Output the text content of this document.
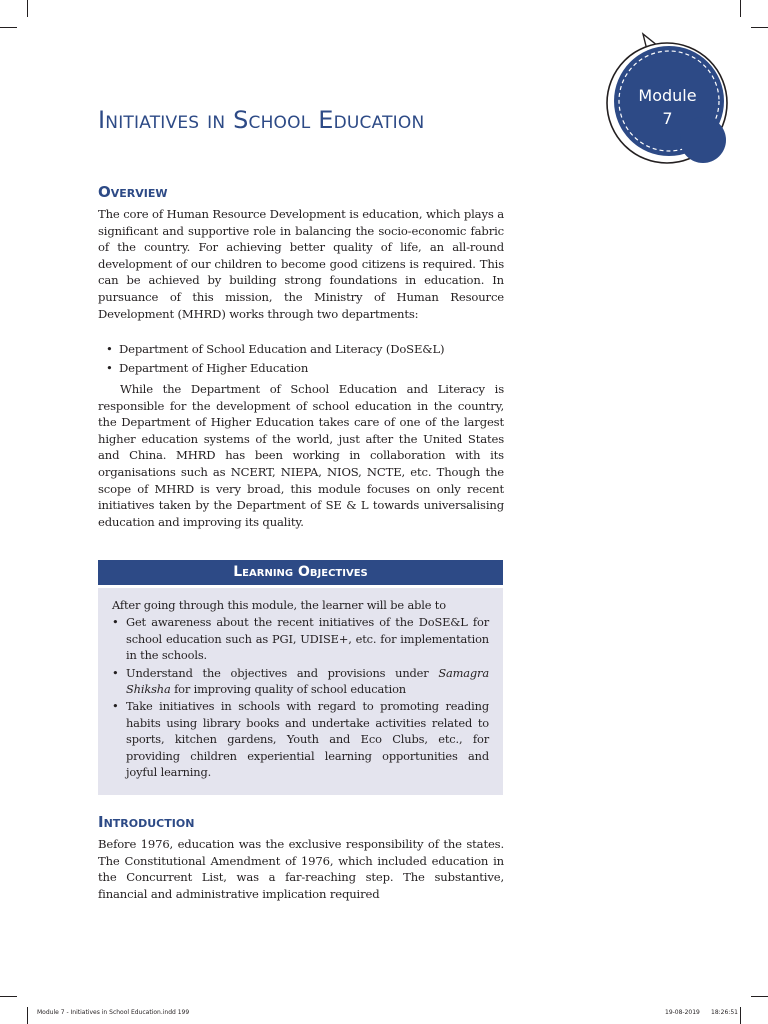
Module
7
Initiatives in School Education
Overview

The core of Human Resource Development is education, which plays a significant and supportive role in balancing the socio-economic fabric of the country. For achieving better quality of life, an all-round development of our children to become good citizens is required. This can be achieved by building strong foundations in education. In pursuance of this mission, the Ministry of Human Resource Development (MHRD) works through two departments:

• Department of School Education and Literacy (DoSE&L)
• Department of Higher Education

While the Department of School Education and Literacy is responsible for the development of school education in the country, the Department of Higher Education takes care of one of the largest higher education systems of the world, just after the United States and China. MHRD has been working in collaboration with its organisations such as NCERT, NIEPA, NIOS, NCTE, etc. Though the scope of MHRD is very broad, this module focuses on only recent initiatives taken by the Department of SE & L towards universalising education and improving its quality.

Learning Objectives
After going through this module, the learner will be able to
• Get awareness about the recent initiatives of the DoSE&L for school education such as PGI, UDISE+, etc. for implementation in the schools.
• Understand the objectives and provisions under Samagra Shiksha for improving quality of school education
• Take initiatives in schools with regard to promoting reading habits using library books and undertake activities related to sports, kitchen gardens, Youth and Eco Clubs, etc., for providing children experiential learning opportunities and joyful learning.
Introduction

Before 1976, education was the exclusive responsibility of the states. The Constitutional Amendment of 1976, which included education in the Concurrent List, was a far-reaching step. The substantive, financial and administrative implication required

Module 7 - Initiatives in School Education.indd 199	19-08-2019 18:26:51
